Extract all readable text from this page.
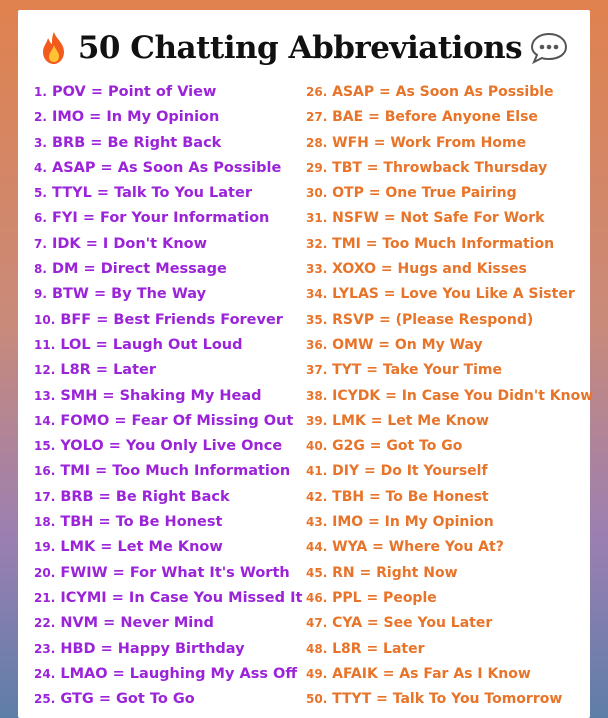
50 Chatting Abbreviations
1. POV = Point of View
2. IMO = In My Opinion
3. BRB = Be Right Back
4. ASAP = As Soon As Possible
5. TTYL = Talk To You Later
6. FYI = For Your Information
7. IDK = I Don't Know
8. DM = Direct Message
9. BTW = By The Way
10. BFF = Best Friends Forever
11. LOL = Laugh Out Loud
12. L8R = Later
13. SMH = Shaking My Head
14. FOMO = Fear Of Missing Out
15. YOLO = You Only Live Once
16. TMI = Too Much Information
17. BRB = Be Right Back
18. TBH = To Be Honest
19. LMK = Let Me Know
20. FWIW = For What It's Worth
21. ICYMI = In Case You Missed It
22. NVM = Never Mind
23. HBD = Happy Birthday
24. LMAO = Laughing My Ass Off
25. GTG = Got To Go
26. ASAP = As Soon As Possible
27. BAE = Before Anyone Else
28. WFH = Work From Home
29. TBT = Throwback Thursday
30. OTP = One True Pairing
31. NSFW = Not Safe For Work
32. TMI = Too Much Information
33. XOXO = Hugs and Kisses
34. LYLAS = Love You Like A Sister
35. RSVP = (Please Respond)
36. OMW = On My Way
37. TYT = Take Your Time
38. ICYDK = In Case You Didn't Know
39. LMK = Let Me Know
40. G2G = Got To Go
41. DIY = Do It Yourself
42. TBH = To Be Honest
43. IMO = In My Opinion
44. WYA = Where You At?
45. RN = Right Now
46. PPL = People
47. CYA = See You Later
48. L8R = Later
49. AFAIK = As Far As I Know
50. TTYT = Talk To You Tomorrow
